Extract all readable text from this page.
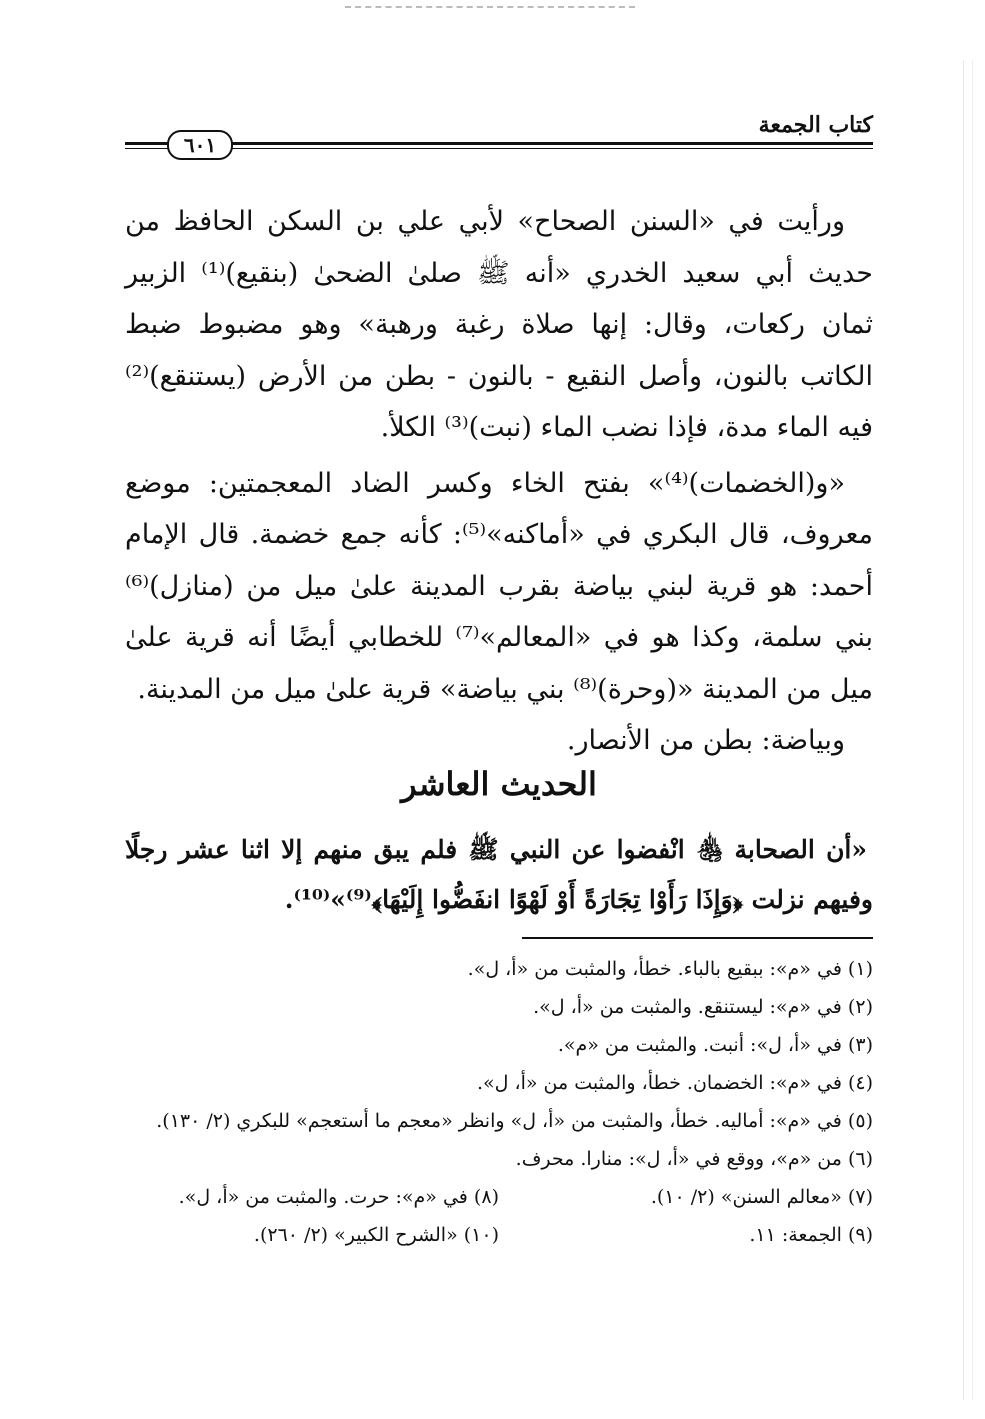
كتاب الجمعة
٦٠١

ورأيت في «السنن الصحاح» لأبي علي بن السكن الحافظ من حديث أبي سعيد الخدري «أنه ﷺ صلىٰ الضحىٰ (بنقيع)⁽¹⁾ الزبير ثمان ركعات، وقال: إنها صلاة رغبة ورهبة» وهو مضبوط ضبط الكاتب بالنون، وأصل النقيع - بالنون - بطن من الأرض (يستنقع)⁽²⁾ فيه الماء مدة، فإذا نضب الماء (نبت)⁽³⁾ الكلأ.

«و(الخضمات)⁽⁴⁾» بفتح الخاء وكسر الضاد المعجمتين: موضع معروف، قال البكري في «أماكنه»⁽⁵⁾: كأنه جمع خضمة. قال الإمام أحمد: هو قرية لبني بياضة بقرب المدينة علىٰ ميل من (منازل)⁽⁶⁾ بني سلمة، وكذا هو في «المعالم»⁽⁷⁾ للخطابي أيضًا أنه قرية علىٰ ميل من المدينة «(وحرة)⁽⁸⁾ بني بياضة» قرية علىٰ ميل من المدينة.

وبياضة: بطن من الأنصار.

الحديث العاشر

«أن الصحابة ﵃ انْفضوا عن النبي ﷺ فلم يبق منهم إلا اثنا عشر رجلًا وفيهم نزلت ﴿وَإِذَا رَأَوْا تِجَارَةً أَوْ لَهْوًا انفَضُّوا إِلَيْهَا﴾⁽⁹⁾»⁽¹⁰⁾.

(١) في «م»: ببقيع بالباء. خطأ، والمثبت من «أ، ل».

(٢) في «م»: ليستنقع. والمثبت من «أ، ل».

(٣) في «أ، ل»: أنبت. والمثبت من «م».

(٤) في «م»: الخضمان. خطأ، والمثبت من «أ، ل».

(٥) في «م»: أماليه. خطأ، والمثبت من «أ، ل» وانظر «معجم ما أستعجم» للبكري (٢/ ١٣٠).

(٦) من «م»، ووقع في «أ، ل»: منارا. محرف.

(٧) «معالم السنن» (٢/ ١٠).
(٨) في «م»: حرت. والمثبت من «أ، ل».
(٩) الجمعة: ١١.
(١٠) «الشرح الكبير» (٢/ ٢٦٠).
